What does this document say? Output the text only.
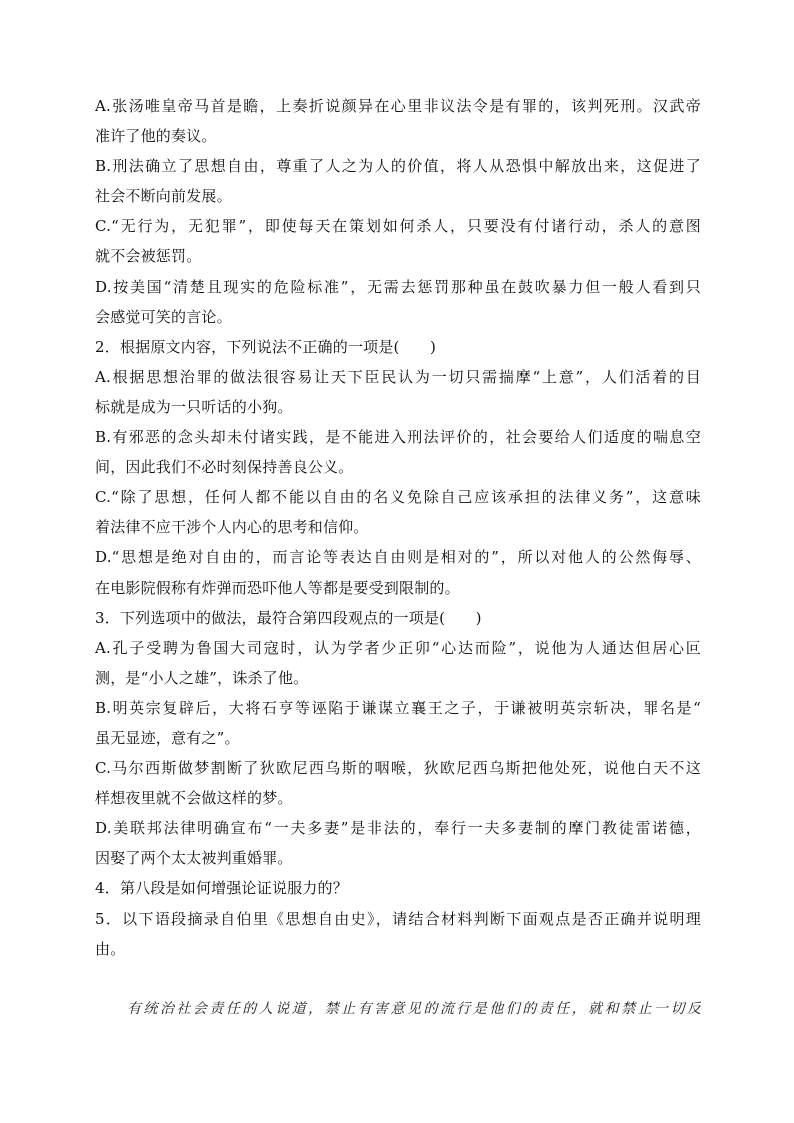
A.张汤唯皇帝马首是瞻，上奏折说颜异在心里非议法令是有罪的，该判死刑。汉武帝
准许了他的奏议。
B.刑法确立了思想自由，尊重了人之为人的价值，将人从恐惧中解放出来，这促进了
社会不断向前发展。
C.“无行为，无犯罪”，即使每天在策划如何杀人，只要没有付诸行动，杀人的意图
就不会被惩罚。
D.按美国“清楚且现实的危险标准”，无需去惩罚那种虽在鼓吹暴力但一般人看到只
会感觉可笑的言论。
2．根据原文内容，下列说法不正确的一项是(　　)
A.根据思想治罪的做法很容易让天下臣民认为一切只需揣摩“上意”，人们活着的目
标就是成为一只听话的小狗。
B.有邪恶的念头却未付诸实践，是不能进入刑法评价的，社会要给人们适度的喘息空
间，因此我们不必时刻保持善良公义。
C.“除了思想，任何人都不能以自由的名义免除自己应该承担的法律义务”，这意味
着法律不应干涉个人内心的思考和信仰。
D.“思想是绝对自由的，而言论等表达自由则是相对的”，所以对他人的公然侮辱、
在电影院假称有炸弹而恐吓他人等都是要受到限制的。
3．下列选项中的做法，最符合第四段观点的一项是(　　)
A.孔子受聘为鲁国大司寇时，认为学者少正卯“心达而险”，说他为人通达但居心叵
测，是“小人之雄”，诛杀了他。
B.明英宗复辟后，大将石亨等诬陷于谦谋立襄王之子，于谦被明英宗斩决，罪名是“
虽无显迹，意有之”。
C.马尔西斯做梦割断了狄欧尼西乌斯的咽喉，狄欧尼西乌斯把他处死，说他白天不这
样想夜里就不会做这样的梦。
D.美联邦法律明确宣布“一夫多妻”是非法的，奉行一夫多妻制的摩门教徒雷诺德，
因娶了两个太太被判重婚罪。
4．第八段是如何增强论证说服力的？
5．以下语段摘录自伯里《思想自由史》，请结合材料判断下面观点是否正确并说明理
由。
有统治社会责任的人说道，禁止有害意见的流行是他们的责任，就和禁止一切反
